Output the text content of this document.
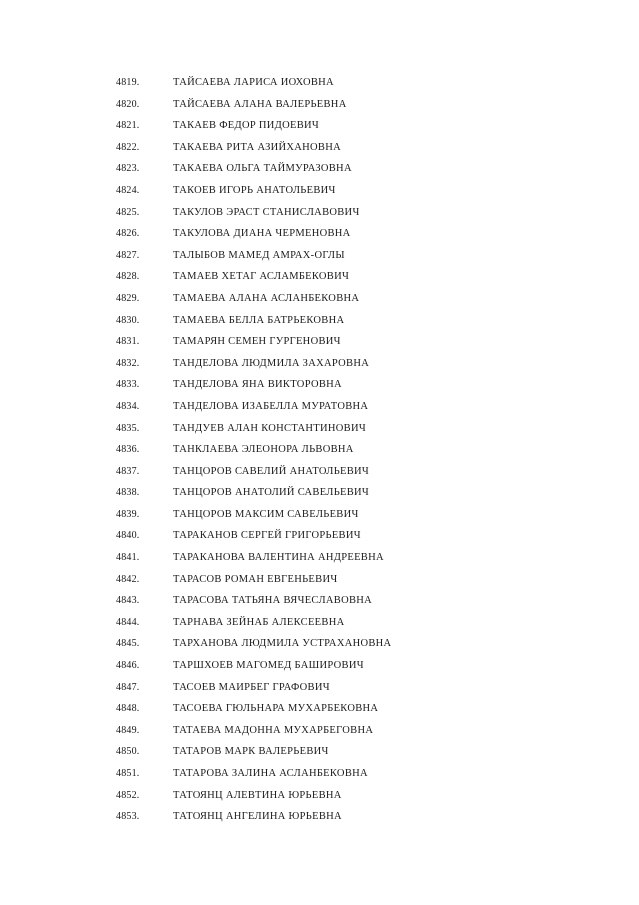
4819.	ТАЙСАЕВА ЛАРИСА ИОХОВНА
4820.	ТАЙСАЕВА АЛАНА ВАЛЕРЬЕВНА
4821.	ТАКАЕВ ФЕДОР ПИДОЕВИЧ
4822.	ТАКАЕВА РИТА АЗИЙХАНОВНА
4823.	ТАКАЕВА ОЛЬГА ТАЙМУРАЗОВНА
4824.	ТАКОЕВ ИГОРЬ АНАТОЛЬЕВИЧ
4825.	ТАКУЛОВ ЭРАСТ СТАНИСЛАВОВИЧ
4826.	ТАКУЛОВА ДИАНА ЧЕРМЕНОВНА
4827.	ТАЛЫБОВ МАМЕД АМРАХ-ОГЛЫ
4828.	ТАМАЕВ ХЕТАГ АСЛАМБЕКОВИЧ
4829.	ТАМАЕВА АЛАНА АСЛАНБЕКОВНА
4830.	ТАМАЕВА БЕЛЛА БАТРЬЕКОВНА
4831.	ТАМАРЯН СЕМЕН ГУРГЕНОВИЧ
4832.	ТАНДЕЛОВА ЛЮДМИЛА ЗАХАРОВНА
4833.	ТАНДЕЛОВА ЯНА ВИКТОРОВНА
4834.	ТАНДЕЛОВА ИЗАБЕЛЛА МУРАТОВНА
4835.	ТАНДУЕВ АЛАН КОНСТАНТИНОВИЧ
4836.	ТАНКЛАЕВА ЭЛЕОНОРА ЛЬВОВНА
4837.	ТАНЦОРОВ САВЕЛИЙ АНАТОЛЬЕВИЧ
4838.	ТАНЦОРОВ АНАТОЛИЙ САВЕЛЬЕВИЧ
4839.	ТАНЦОРОВ МАКСИМ САВЕЛЬЕВИЧ
4840.	ТАРАКАНОВ СЕРГЕЙ ГРИГОРЬЕВИЧ
4841.	ТАРАКАНОВА ВАЛЕНТИНА АНДРЕЕВНА
4842.	ТАРАСОВ РОМАН ЕВГЕНЬЕВИЧ
4843.	ТАРАСОВА ТАТЬЯНА ВЯЧЕСЛАВОВНА
4844.	ТАРНАВА ЗЕЙНАБ АЛЕКСЕЕВНА
4845.	ТАРХАНОВА ЛЮДМИЛА УСТРАХАНОВНА
4846.	ТАРШХОЕВ МАГОМЕД БАШИРОВИЧ
4847.	ТАСОЕВ МАИРБЕГ ГРАФОВИЧ
4848.	ТАСОЕВА ГЮЛЬНАРА МУХАРБЕКОВНА
4849.	ТАТАЕВА МАДОННА МУХАРБЕГОВНА
4850.	ТАТАРОВ МАРК ВАЛЕРЬЕВИЧ
4851.	ТАТАРОВА ЗАЛИНА АСЛАНБЕКОВНА
4852.	ТАТОЯНЦ АЛЕВТИНА ЮРЬЕВНА
4853.	ТАТОЯНЦ АНГЕЛИНА ЮРЬЕВНА
